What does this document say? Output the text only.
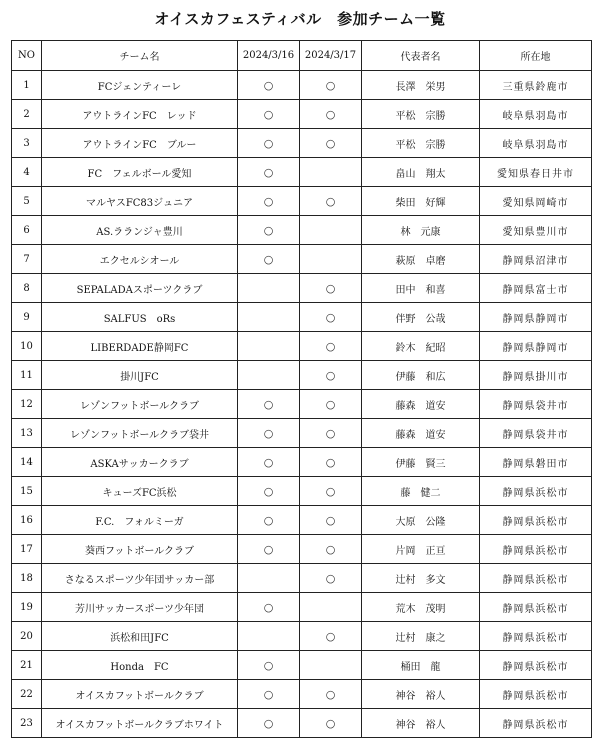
オイスカフェスティバル　参加チーム一覧
NO	チーム名	2024/3/16	2024/3/17	代表者名	所在地
1	FCジェンティーレ	○	○	長澤　栄男	三重県鈴鹿市
2	アウトラインFC　レッド	○	○	平松　宗勝	岐阜県羽島市
3	アウトラインFC　ブルー	○	○	平松　宗勝	岐阜県羽島市
4	FC　フェルボール愛知	○		畠山　翔太	愛知県春日井市
5	マルヤスFC83ジュニア	○	○	柴田　好輝	愛知県岡崎市
6	AS.ラランジャ豊川	○		林　元康	愛知県豊川市
7	エクセルシオール	○		萩原　卓磨	静岡県沼津市
8	SEPALADAスポーツクラブ		○	田中　和喜	静岡県富士市
9	SALFUS　oRs		○	伴野　公哉	静岡県静岡市
10	LIBERDADE静岡FC		○	鈴木　紀昭	静岡県静岡市
11	掛川JFC		○	伊藤　和広	静岡県掛川市
12	レゾンフットボールクラブ	○	○	藤森　道安	静岡県袋井市
13	レゾンフットボールクラブ袋井	○	○	藤森　道安	静岡県袋井市
14	ASKAサッカークラブ	○	○	伊藤　賢三	静岡県磐田市
15	キューズFC浜松	○	○	藤　健二	静岡県浜松市
16	F.C.　フォルミーガ	○	○	大原　公隆	静岡県浜松市
17	葵西フットボールクラブ	○	○	片岡　正亘	静岡県浜松市
18	さなるスポーツ少年団サッカー部		○	辻村　多文	静岡県浜松市
19	芳川サッカースポーツ少年団	○		荒木　茂明	静岡県浜松市
20	浜松和田JFC		○	辻村　康之	静岡県浜松市
21	Honda　FC	○		桶田　龍	静岡県浜松市
22	オイスカフットボールクラブ	○	○	神谷　裕人	静岡県浜松市
23	オイスカフットボールクラブホワイト	○	○	神谷　裕人	静岡県浜松市
